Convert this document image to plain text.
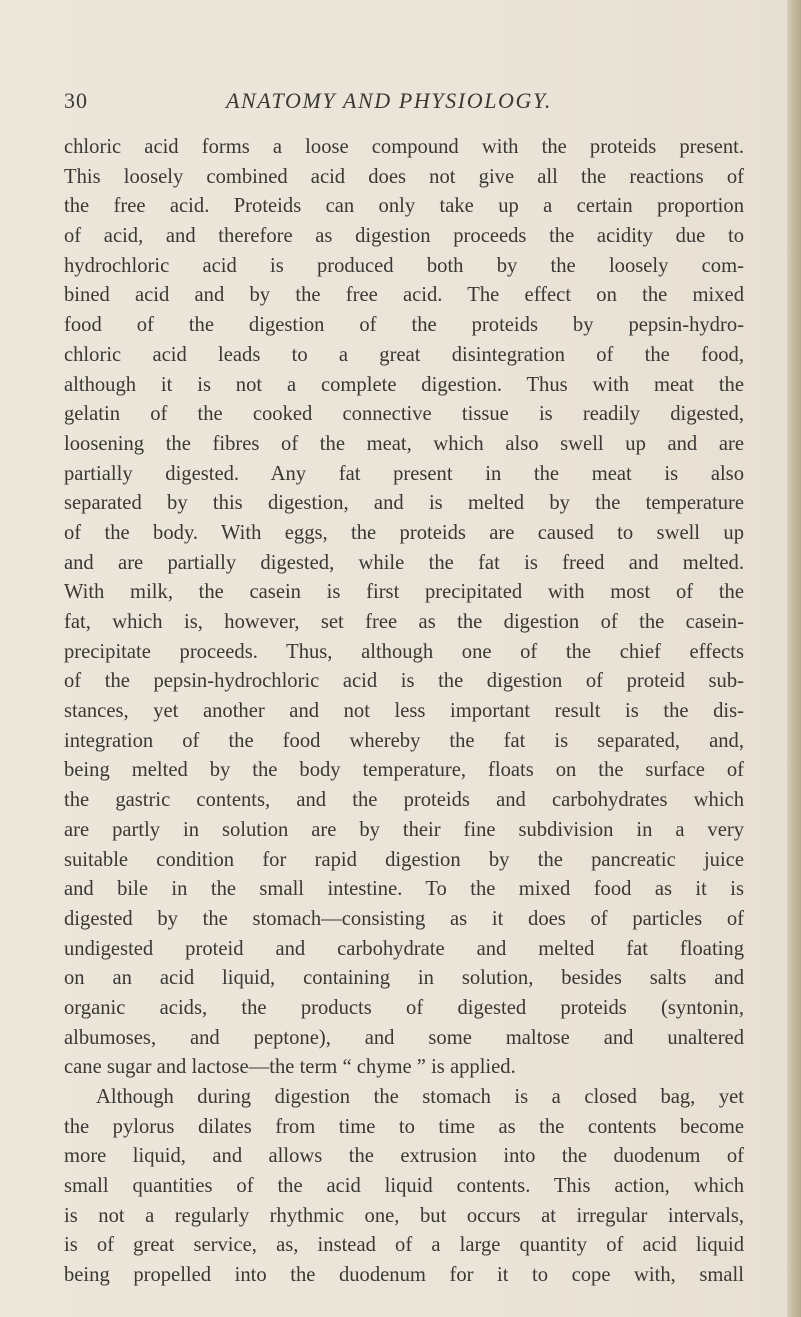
30	ANATOMY AND PHYSIOLOGY.
chloric acid forms a loose compound with the proteids present.
This loosely combined acid does not give all the reactions of
the free acid. Proteids can only take up a certain proportion
of acid, and therefore as digestion proceeds the acidity due to
hydrochloric acid is produced both by the loosely com-
bined acid and by the free acid. The effect on the mixed
food of the digestion of the proteids by pepsin-hydro-
chloric acid leads to a great disintegration of the food,
although it is not a complete digestion. Thus with meat the
gelatin of the cooked connective tissue is readily digested,
loosening the fibres of the meat, which also swell up and are
partially digested. Any fat present in the meat is also
separated by this digestion, and is melted by the temperature
of the body. With eggs, the proteids are caused to swell up
and are partially digested, while the fat is freed and melted.
With milk, the casein is first precipitated with most of the
fat, which is, however, set free as the digestion of the casein-
precipitate proceeds. Thus, although one of the chief effects
of the pepsin-hydrochloric acid is the digestion of proteid sub-
stances, yet another and not less important result is the dis-
integration of the food whereby the fat is separated, and,
being melted by the body temperature, floats on the surface of
the gastric contents, and the proteids and carbohydrates which
are partly in solution are by their fine subdivision in a very
suitable condition for rapid digestion by the pancreatic juice
and bile in the small intestine. To the mixed food as it is
digested by the stomach—consisting as it does of particles of
undigested proteid and carbohydrate and melted fat floating
on an acid liquid, containing in solution, besides salts and
organic acids, the products of digested proteids (syntonin,
albumoses, and peptone), and some maltose and unaltered
cane sugar and lactose—the term “ chyme ” is applied.
Although during digestion the stomach is a closed bag, yet
the pylorus dilates from time to time as the contents become
more liquid, and allows the extrusion into the duodenum of
small quantities of the acid liquid contents. This action, which
is not a regularly rhythmic one, but occurs at irregular intervals,
is of great service, as, instead of a large quantity of acid liquid
being propelled into the duodenum for it to cope with, small
